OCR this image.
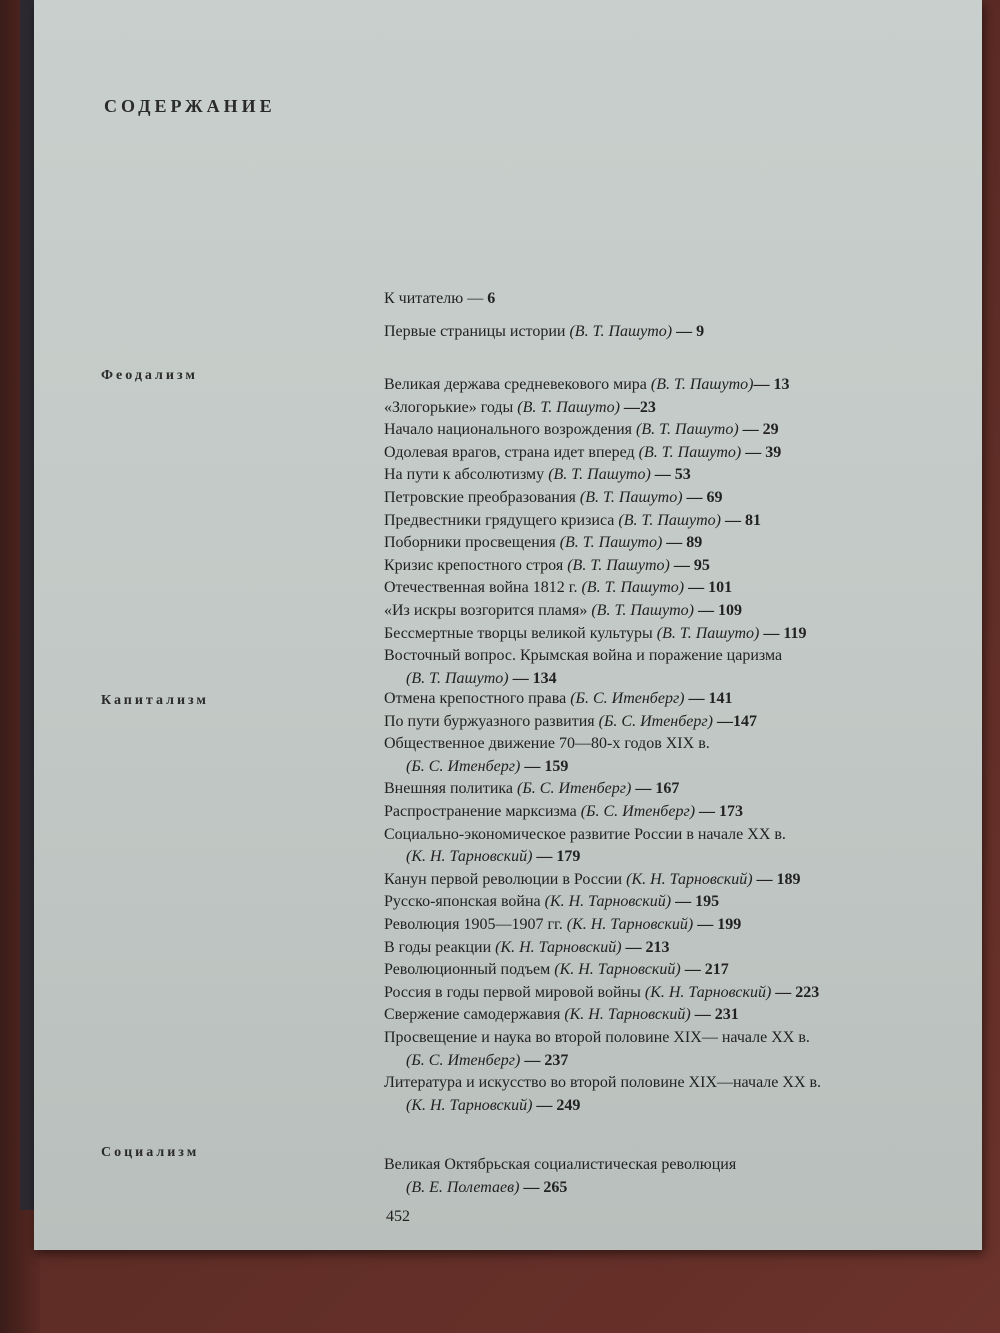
СОДЕРЖАНИЕ
К читателю — 6
Первые страницы истории (В. Т. Пашуто) — 9
Феодализм
Великая держава средневекового мира (В. Т. Пашуто)— 13
«Злогорькие» годы (В. Т. Пашуто) —23
Начало национального возрождения (В. Т. Пашуто) — 29
Одолевая врагов, страна идет вперед (В. Т. Пашуто) — 39
На пути к абсолютизму (В. Т. Пашуто) — 53
Петровские преобразования (В. Т. Пашуто) — 69
Предвестники грядущего кризиса (В. Т. Пашуто) — 81
Поборники просвещения (В. Т. Пашуто) — 89
Кризис крепостного строя (В. Т. Пашуто) — 95
Отечественная война 1812 г. (В. Т. Пашуто) — 101
«Из искры возгорится пламя» (В. Т. Пашуто) — 109
Бессмертные творцы великой культуры (В. Т. Пашуто) — 119
Восточный вопрос. Крымская война и поражение царизма
(В. Т. Пашуто) — 134
Капитализм	Отмена крепостного права (Б. С. Итенберг) — 141
По пути буржуазного развития (Б. С. Итенберг) —147
Общественное движение 70—80-х годов XIX в.
(Б. С. Итенберг) — 159
Внешняя политика (Б. С. Итенберг) — 167
Распространение марксизма (Б. С. Итенберг) — 173
Социально-экономическое развитие России в начале XX в.
(К. Н. Тарновский) — 179
Канун первой революции в России (К. Н. Тарновский) — 189
Русско-японская война (К. Н. Тарновский) — 195
Революция 1905—1907 гг. (К. Н. Тарновский) — 199
В годы реакции (К. Н. Тарновский) — 213
Революционный подъем (К. Н. Тарновский) — 217
Россия в годы первой мировой войны (К. Н. Тарновский) — 223
Свержение самодержавия (К. Н. Тарновский) — 231
Просвещение и наука во второй половине XIX— начале XX в.
(Б. С. Итенберг) — 237
Литература и искусство во второй половине XIX—начале XX в.
(К. Н. Тарновский) — 249
Социализм
Великая Октябрьская социалистическая революция
(В. Е. Полетаев) — 265
452
